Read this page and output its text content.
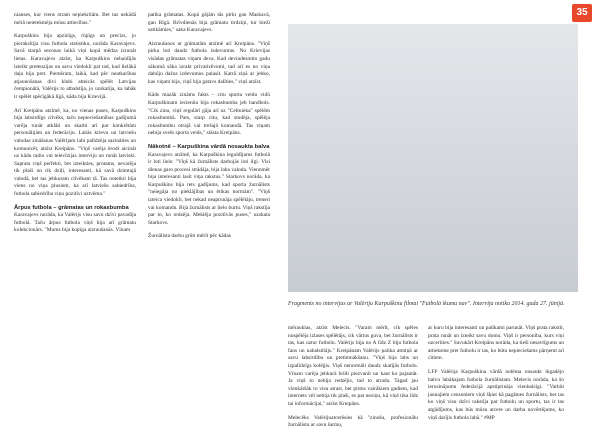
35

nianses, kur viens otram nepiekritām. Bet tas nekādā mērā neietekmēja mūsu attiecības."

Karpuškins bija apzinīgs, rūpīgs un precīzs, jo pieraksītija visu futbola statistiku, norāda Karavajevs. Savā starpā sezonas laikā viņi kopā mēdza izrunāt lietas. Karavajevs atzīst, ka Karpuškins nebaidījās izteikt pretenzijas un savu viedokli pat tad, kad lielākā daļa bija pret. Piemēram, laikā, kad pēc neatkarības atjaunošanas divi klubi atteicās spēlēt Latvijas čempionātā, Valērijs to atbalstīja, jo uzskatīja, ka labāk ir spēlēt spēcīgākā līgā, kāda bija Krievijā.

Arī Kreipāns atzīmē, ka, no vienas puses, Karpuškins bija labsirdīgs cilvēks, taču nepieciešamības gadījumā varēja runāt atklāti un skarbi arī par konkrētām personālijām un federāciju. Labās krievu un latviešu valodas zināšanas Valērijam labi palīdzēja sazināties un komunicēt, atzīst Kreipāns. "Viņš varēja ērodi aicināt uz kādu radio vai televīzijas interviju un runāt latviski. Saprata viņš perfekti, bet izteikties, protams, nevarēja tik plaši un tik dziļi, interesanti, kā savā dzimtajā valodā, bet tas jebkuram cilvēkam tā. Tas noteikti bija viens no viņa plusiem, ka arī latviešu sabiedrība, futbola sabiedrība viņu pozitīvi uztvēma."

Ārpus futbola – grāmatas un rokasbumba

Karavajevs norāda, ka Valērijs visu savu dzīvi pavadīja futbolā. Taču ārpus futbola viņš bija arī grāmatu kolekcionārs. "Mums bija kopīga aizraušanās. Vīnam

patika grāmatas. Kopā gājām tās pirkt gan Maskavā, gan Rīgā. Brīvdienās bija grāmatu tirdziņi, tur bieži satikāmies," saka Karavajevs.

Aizraušanos ar grāmatām atzīmē arī Kreipāns. "Viņš pirka loti daudz futbola izdevumus. No Krievijas visādas grāmatas viņam deva. Kad devindesmito gadu sākumā sāka izrakt privatizēvumi, tad arī es no viņa dabūju dažus izdevumus palasīt. Katrā ziņā ar jebko, kas viņam bija, viņš bija gatavs dalīties," viņš atzīst.

Kāds mazāk zināms fakts – citu sporta veidu vidū Karpuškinam iecienīta bija rokasbumba jeb handbols. "Cik zinu, viņš regulāri gāja arī uz "Celtnieka" spēlēm rokasbumbā. Pats, starp citu, kad studēja, spēlēja rokasbumbu otrajā vai trešajā komandā. Tas viņam nebija svešs sporta veids," stāsta Kreipāns.

Nākotnē – Karpuškina vārdā nosaukta balva

Karavajevs atzīmē, ka Karpuškina ieguldījums futbolā ir loti liels: "Viņš kā žurnālists darbojās loti ilgi. Visi dienas garo procesi strādāja, bija laba valoda. Viennmēr bija interesanti lasīt viņa rakstus." Starkovs norāda, ka Karpuškins bija rets gadījums, kad sporta žurnālists "neiegāja no pieklājības un ētikas normām". "Viņš izteica viedokli, bet nekad neaprunāja spēlētāju, treneri vai komandu. Bija žurnālists ar lielo burtu. Viņš rakstīja par to, ko redzēja. Meklēja pozitīvās puses," uzskata Starkovs.

Žurnālista darbu grūti mērīt pēc kādas

Fragments no intervijas ar Valēriju Karpuškinu filmai "Futbolā ikumu nav". Intervija notika 2014. gada 27. jūnijā.

mērauklas, atzīst Melecis. "Varam mērīt, cik spēles nospēlēja izlases spēlētājs, cik vārtus guva, bet žurnālists ir tas, kas uztur futbolu. Valērijs bija no A līdz Z bija futbola fans un nabalstītājs." Kreipānam Valērijs palika atmiņā ar savu labsirdību un pretimnākšanu. "Viņš bija labs un izpalīdzīgs kolēģis. Viņš nenormāli daudz skatījās futbolu. Vīnam varēja jebkurā brīdi piezvanīt un kaut ko pajautāt. Ja viņš to nebija redzējis, tad to atrada. Tagad jau vienkāršāk to visu atrast, bet pirms vairākiem gadiem, kad internets vēl nebija tik plaši, es pat neziņu, kā viņš tika līdz tai informācijai," atzīst Kreipāns.

Melecēks Valērijuatcerēsies kā "zinošu, profesionālu žurnālistu ar savu šarmu,

ar kuru bija interesanti un patīkami parunāt. Viņš prata rakstīt, prata runāt un izteikt savu domu. Viņš ir personība, kurs viņi uzcerīties." Savukārt Kreipāns norāda, ka tieši nesavtīgums un attieksme pret futbolu ir tas, ko būtu nepieciešams pārņemt arī citiem.

LFF Valērija Karpuškina vārdā nolēma nosaukt ikgadējo balvu labākajam futbola žurnālistam. Melecis norāda, ka šo ierosinājumu federācijā apstiprināja vienbalsīgi. "Varbūt jaunajiem censoniem viņš šķiet kā pagātnes žurnālists, bet tas ko viņš visu dzīvi rakstīja par futbolu un sportu, tas ir tas atgādījums, kas būs mūsu atcere un darba novērtējums, ko viņš darījis futbola labā." #MP
